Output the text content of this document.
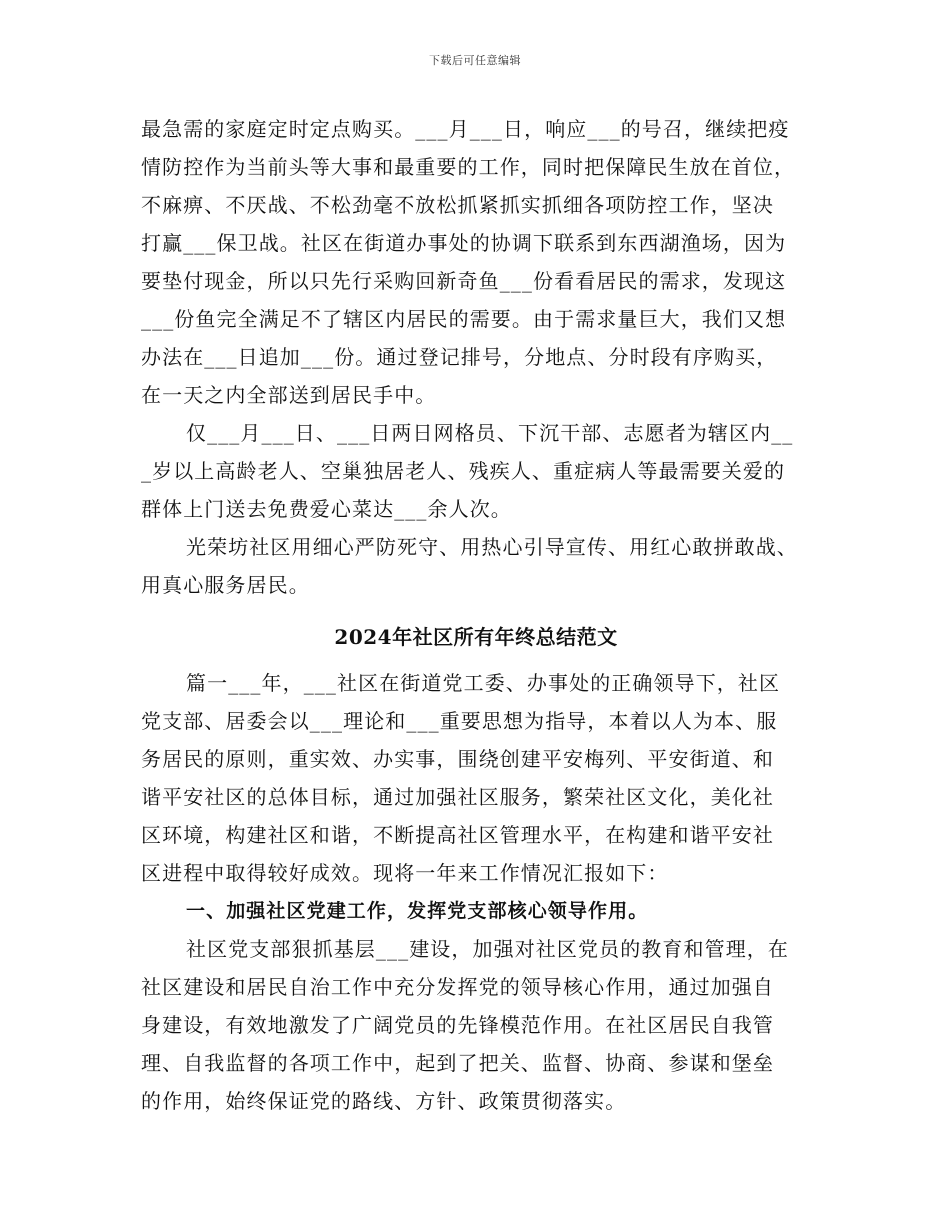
下载后可任意编辑
最急需的家庭定时定点购买。___月___日，响应___的号召，继续把疫
情防控作为当前头等大事和最重要的工作，同时把保障民生放在首位，
不麻痹、不厌战、不松劲毫不放松抓紧抓实抓细各项防控工作，坚决
打赢___保卫战。社区在街道办事处的协调下联系到东西湖渔场，因为
要垫付现金，所以只先行采购回新奇鱼___份看看居民的需求，发现这
___份鱼完全满足不了辖区内居民的需要。由于需求量巨大，我们又想
办法在___日追加___份。通过登记排号，分地点、分时段有序购买，
在一天之内全部送到居民手中。
仅___月___日、___日两日网格员、下沉干部、志愿者为辖区内__
_岁以上高龄老人、空巢独居老人、残疾人、重症病人等最需要关爱的
群体上门送去免费爱心菜达___余人次。
光荣坊社区用细心严防死守、用热心引导宣传、用红心敢拼敢战、
用真心服务居民。
2024年社区所有年终总结范文
篇一___年，___社区在街道党工委、办事处的正确领导下，社区
党支部、居委会以___理论和___重要思想为指导，本着以人为本、服
务居民的原则，重实效、办实事，围绕创建平安梅列、平安街道、和
谐平安社区的总体目标，通过加强社区服务，繁荣社区文化，美化社
区环境，构建社区和谐，不断提高社区管理水平，在构建和谐平安社
区进程中取得较好成效。现将一年来工作情况汇报如下：
一、加强社区党建工作，发挥党支部核心领导作用。
社区党支部狠抓基层___建设，加强对社区党员的教育和管理，在
社区建设和居民自治工作中充分发挥党的领导核心作用，通过加强自
身建设，有效地激发了广阔党员的先锋模范作用。在社区居民自我管
理、自我监督的各项工作中，起到了把关、监督、协商、参谋和堡垒
的作用，始终保证党的路线、方针、政策贯彻落实。
